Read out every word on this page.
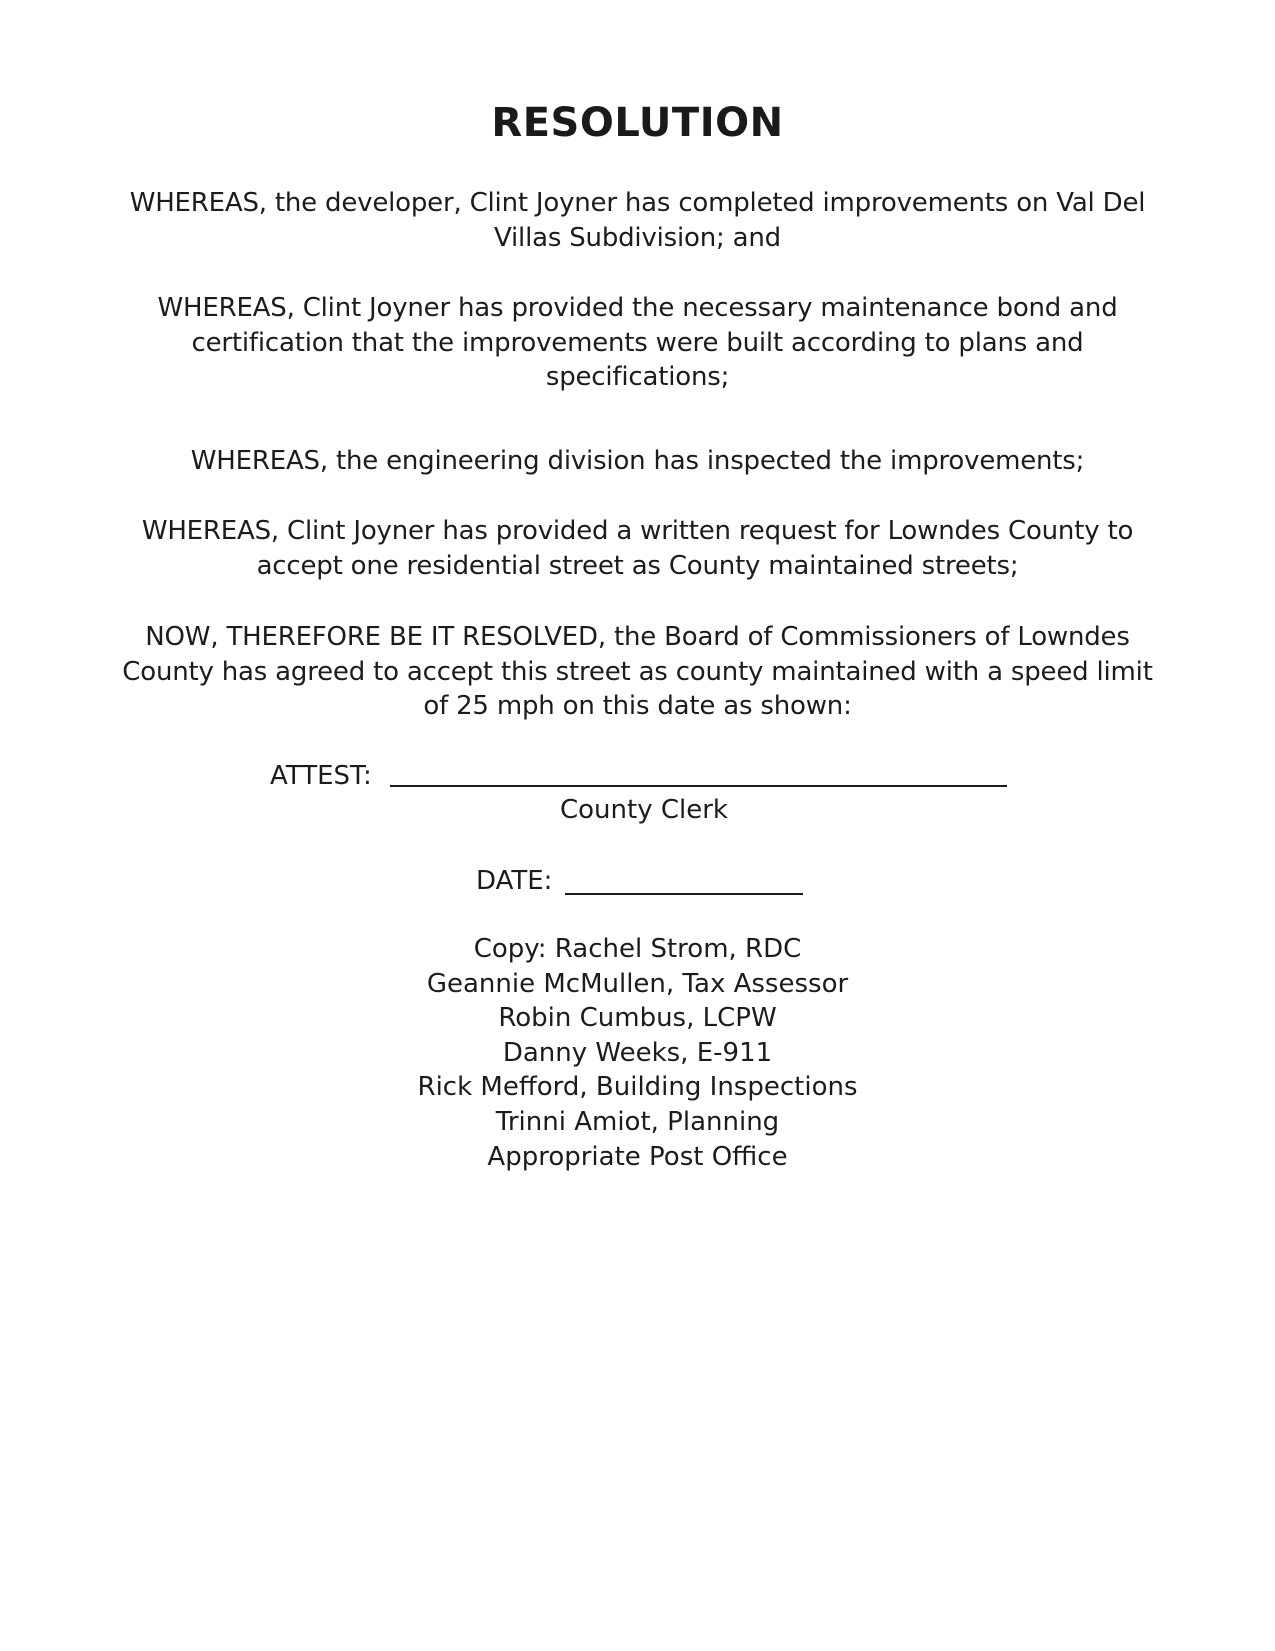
RESOLUTION
WHEREAS, the developer, Clint Joyner has completed improvements on Val Del
Villas Subdivision; and
WHEREAS, Clint Joyner has provided the necessary maintenance bond and
certification that the improvements were built according to plans and
specifications;
WHEREAS, the engineering division has inspected the improvements;
WHEREAS, Clint Joyner has provided a written request for Lowndes County to
accept one residential street as County maintained streets;
NOW, THEREFORE BE IT RESOLVED, the Board of Commissioners of Lowndes
County has agreed to accept this street as county maintained with a speed limit
of 25 mph on this date as shown:
ATTEST:
County Clerk
DATE:
Copy: Rachel Strom, RDC
Geannie McMullen, Tax Assessor
Robin Cumbus, LCPW
Danny Weeks, E-911
Rick Mefford, Building Inspections
Trinni Amiot, Planning
Appropriate Post Office
